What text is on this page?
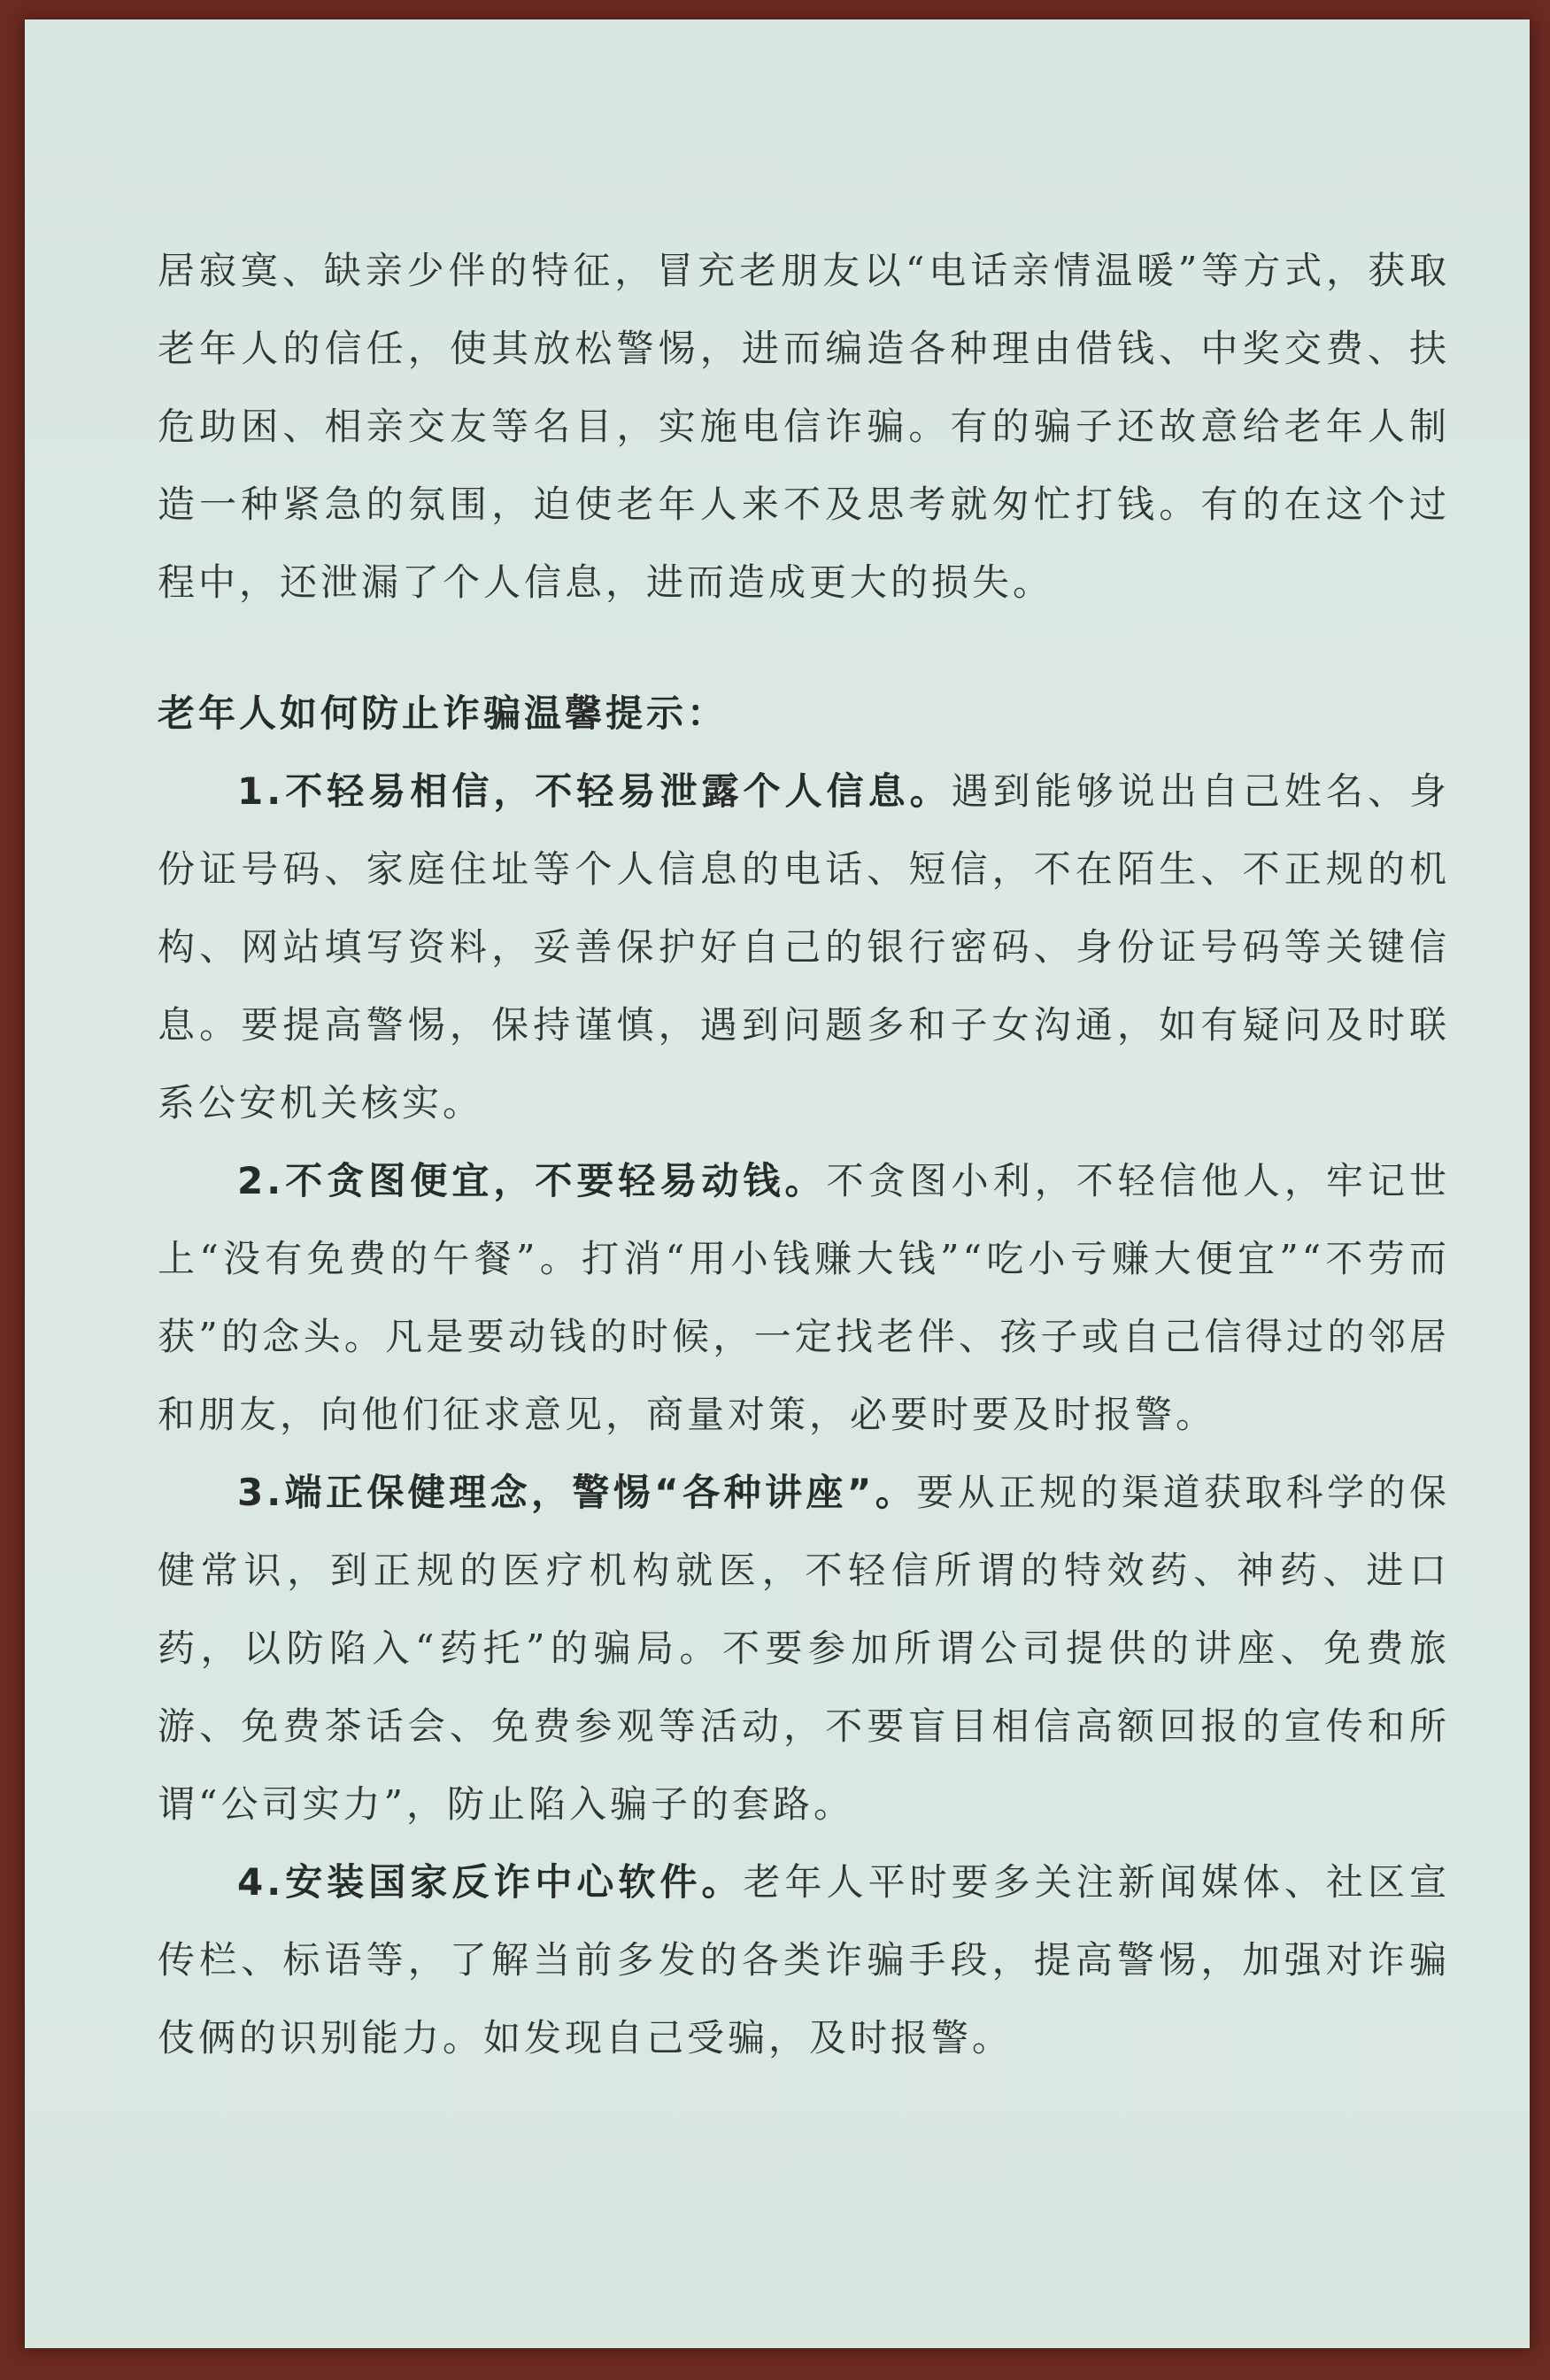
居寂寞、缺亲少伴的特征，冒充老朋友以“电话亲情温暖”等方式，获取老年人的信任，使其放松警惕，进而编造各种理由借钱、中奖交费、扶危助困、相亲交友等名目，实施电信诈骗。有的骗子还故意给老年人制造一种紧急的氛围，迫使老年人来不及思考就匆忙打钱。有的在这个过程中，还泄漏了个人信息，进而造成更大的损失。

老年人如何防止诈骗温馨提示：

1.不轻易相信，不轻易泄露个人信息。遇到能够说出自己姓名、身份证号码、家庭住址等个人信息的电话、短信，不在陌生、不正规的机构、网站填写资料，妥善保护好自己的银行密码、身份证号码等关键信息。要提高警惕，保持谨慎，遇到问题多和子女沟通，如有疑问及时联系公安机关核实。

2.不贪图便宜，不要轻易动钱。不贪图小利，不轻信他人，牢记世上“没有免费的午餐”。打消“用小钱赚大钱”“吃小亏赚大便宜”“不劳而获”的念头。凡是要动钱的时候，一定找老伴、孩子或自己信得过的邻居和朋友，向他们征求意见，商量对策，必要时要及时报警。

3.端正保健理念，警惕“各种讲座”。要从正规的渠道获取科学的保健常识，到正规的医疗机构就医，不轻信所谓的特效药、神药、进口药，以防陷入“药托”的骗局。不要参加所谓公司提供的讲座、免费旅游、免费茶话会、免费参观等活动，不要盲目相信高额回报的宣传和所谓“公司实力”，防止陷入骗子的套路。

4.安装国家反诈中心软件。老年人平时要多关注新闻媒体、社区宣传栏、标语等，了解当前多发的各类诈骗手段，提高警惕，加强对诈骗伎俩的识别能力。如发现自己受骗，及时报警。
